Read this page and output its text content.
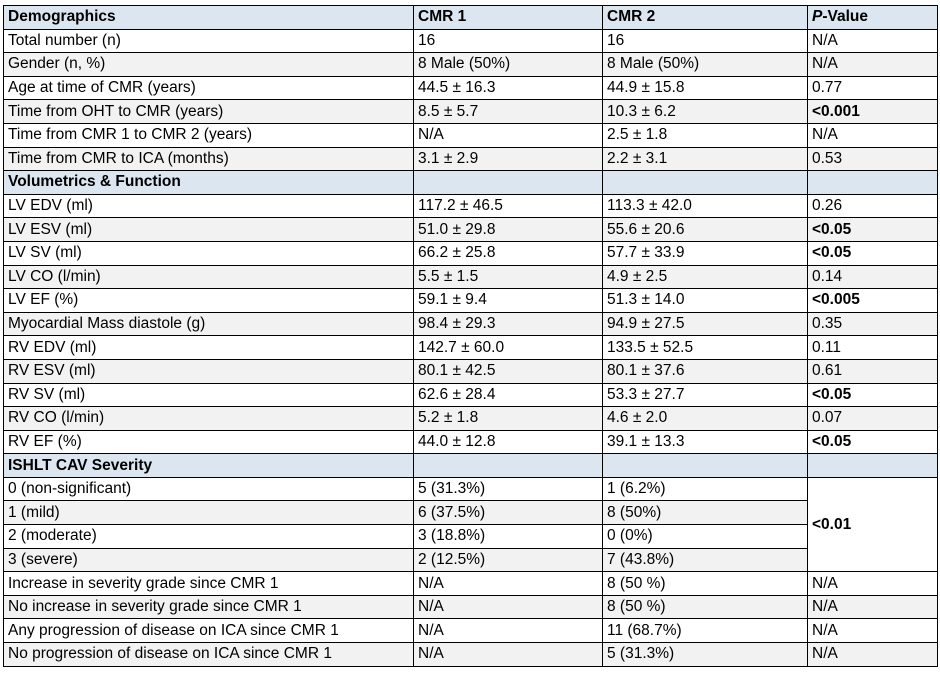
Demographics	CMR 1	CMR 2	P-Value
Total number (n)	16	16	N/A
Gender (n, %)	8 Male (50%)	8 Male (50%)	N/A
Age at time of CMR (years)	44.5 ± 16.3	44.9 ± 15.8	0.77
Time from OHT to CMR (years)	8.5 ± 5.7	10.3 ± 6.2	<0.001
Time from CMR 1 to CMR 2 (years)	N/A	2.5 ± 1.8	N/A
Time from CMR to ICA (months)	3.1 ± 2.9	2.2 ± 3.1	0.53
Volumetrics & Function			
LV EDV (ml)	117.2 ± 46.5	113.3 ± 42.0	0.26
LV ESV (ml)	51.0 ± 29.8	55.6 ± 20.6	<0.05
LV SV (ml)	66.2 ± 25.8	57.7 ± 33.9	<0.05
LV CO (l/min)	5.5 ± 1.5	4.9 ± 2.5	0.14
LV EF (%)	59.1 ± 9.4	51.3 ± 14.0	<0.005
Myocardial Mass diastole (g)	98.4 ± 29.3	94.9 ± 27.5	0.35
RV EDV (ml)	142.7 ± 60.0	133.5 ± 52.5	0.11
RV ESV (ml)	80.1 ± 42.5	80.1 ± 37.6	0.61
RV SV (ml)	62.6 ± 28.4	53.3 ± 27.7	<0.05
RV CO (l/min)	5.2 ± 1.8	4.6 ± 2.0	0.07
RV EF (%)	44.0 ± 12.8	39.1 ± 13.3	<0.05
ISHLT CAV Severity			
0 (non-significant)	5 (31.3%)	1 (6.2%)	<0.01
1 (mild)	6 (37.5%)	8 (50%)	
2 (moderate)	3 (18.8%)	0 (0%)	
3 (severe)	2 (12.5%)	7 (43.8%)	
Increase in severity grade since CMR 1	N/A	8 (50 %)	N/A
No increase in severity grade since CMR 1	N/A	8 (50 %)	N/A
Any progression of disease on ICA since CMR 1	N/A	11 (68.7%)	N/A
No progression of disease on ICA since CMR 1	N/A	5 (31.3%)	N/A
